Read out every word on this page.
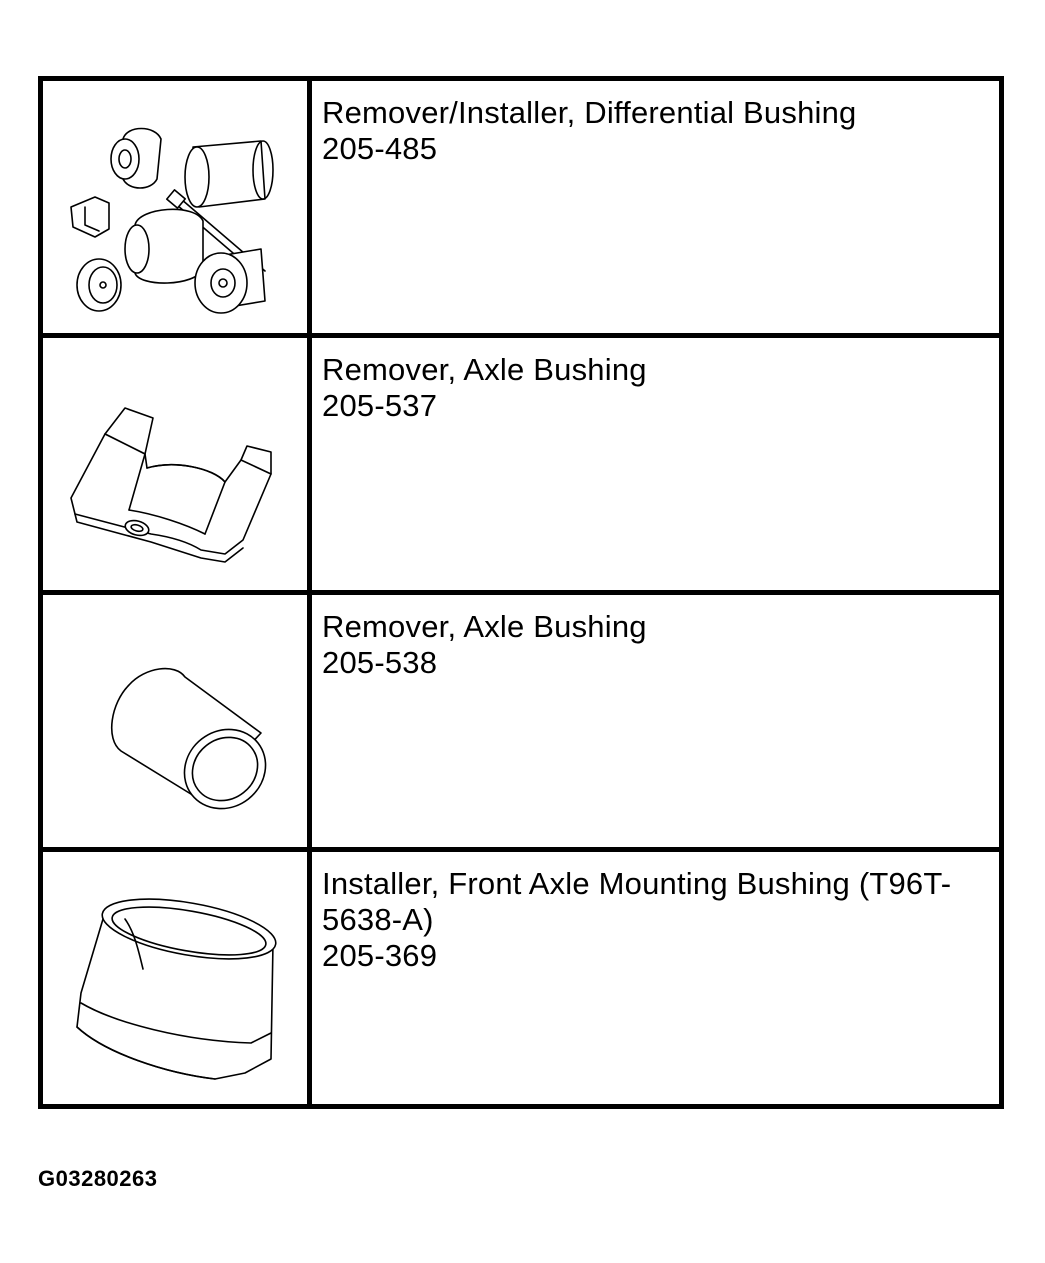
Remover/Installer, Differential Bushing
205-485

Remover, Axle Bushing
205-537

Remover, Axle Bushing
205-538

Installer, Front Axle Mounting Bushing (T96T-5638-A)
205-369
G03280263
